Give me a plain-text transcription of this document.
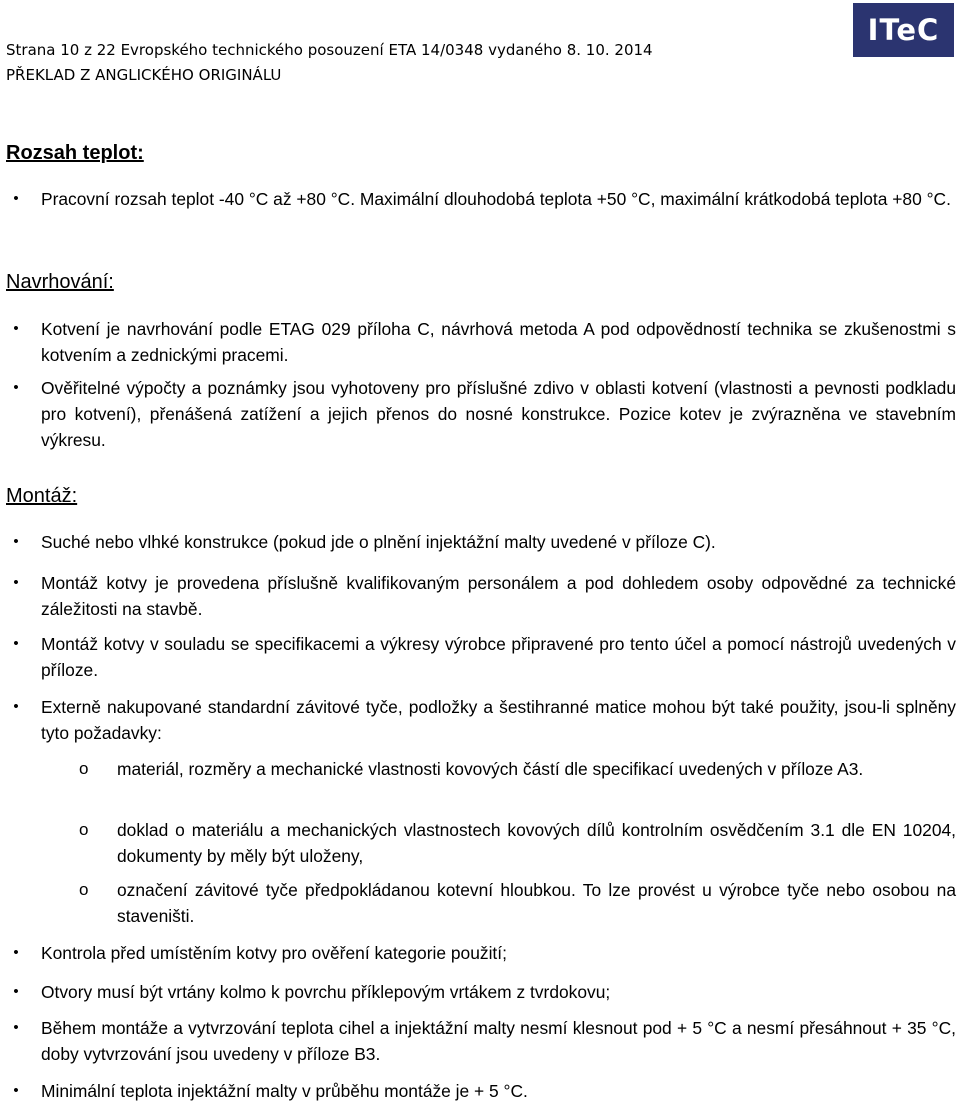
Strana 10 z 22 Evropského technického posouzení ETA 14/0348 vydaného 8. 10. 2014
PŘEKLAD Z ANGLICKÉHO ORIGINÁLU
ITeC
Rozsah teplot:
•	Pracovní rozsah teplot -40 °C až +80 °C. Maximální dlouhodobá teplota +50 °C, maximální krátkodobá teplota +80 °C.
Navrhování:
•	Kotvení je navrhování podle ETAG 029 příloha C, návrhová metoda A pod odpovědností technika se zkušenostmi s kotvením a zednickými pracemi.
•	Ověřitelné výpočty a poznámky jsou vyhotoveny pro příslušné zdivo v oblasti kotvení (vlastnosti a pevnosti podkladu pro kotvení), přenášená zatížení a jejich přenos do nosné konstrukce. Pozice kotev je zvýrazněna ve stavebním výkresu.
Montáž:
•	Suché nebo vlhké konstrukce (pokud jde o plnění injektážní malty uvedené v příloze C).
•	Montáž kotvy je provedena příslušně kvalifikovaným personálem a pod dohledem osoby odpovědné za technické záležitosti na stavbě.
•	Montáž kotvy v souladu se specifikacemi a výkresy výrobce připravené pro tento účel a pomocí nástrojů uvedených v příloze.
•	Externě nakupované standardní závitové tyče, podložky a šestihranné matice mohou být také použity, jsou-li splněny tyto požadavky:
o materiál, rozměry a mechanické vlastnosti kovových částí dle specifikací uvedených v příloze A3.
o doklad o materiálu a mechanických vlastnostech kovových dílů kontrolním osvědčením 3.1 dle EN 10204, dokumenty by měly být uloženy,
o označení závitové tyče předpokládanou kotevní hloubkou. To lze provést u výrobce tyče nebo osobou na staveništi.
•	Kontrola před umístěním kotvy pro ověření kategorie použití;
•	Otvory musí být vrtány kolmo k povrchu příklepovým vrtákem z tvrdokovu;
•	Během montáže a vytvrzování teplota cihel a injektážní malty nesmí klesnout pod + 5 °C a nesmí přesáhnout + 35 °C, doby vytvrzování jsou uvedeny v příloze B3.
•	Minimální teplota injektážní malty v průběhu montáže je + 5 °C.
